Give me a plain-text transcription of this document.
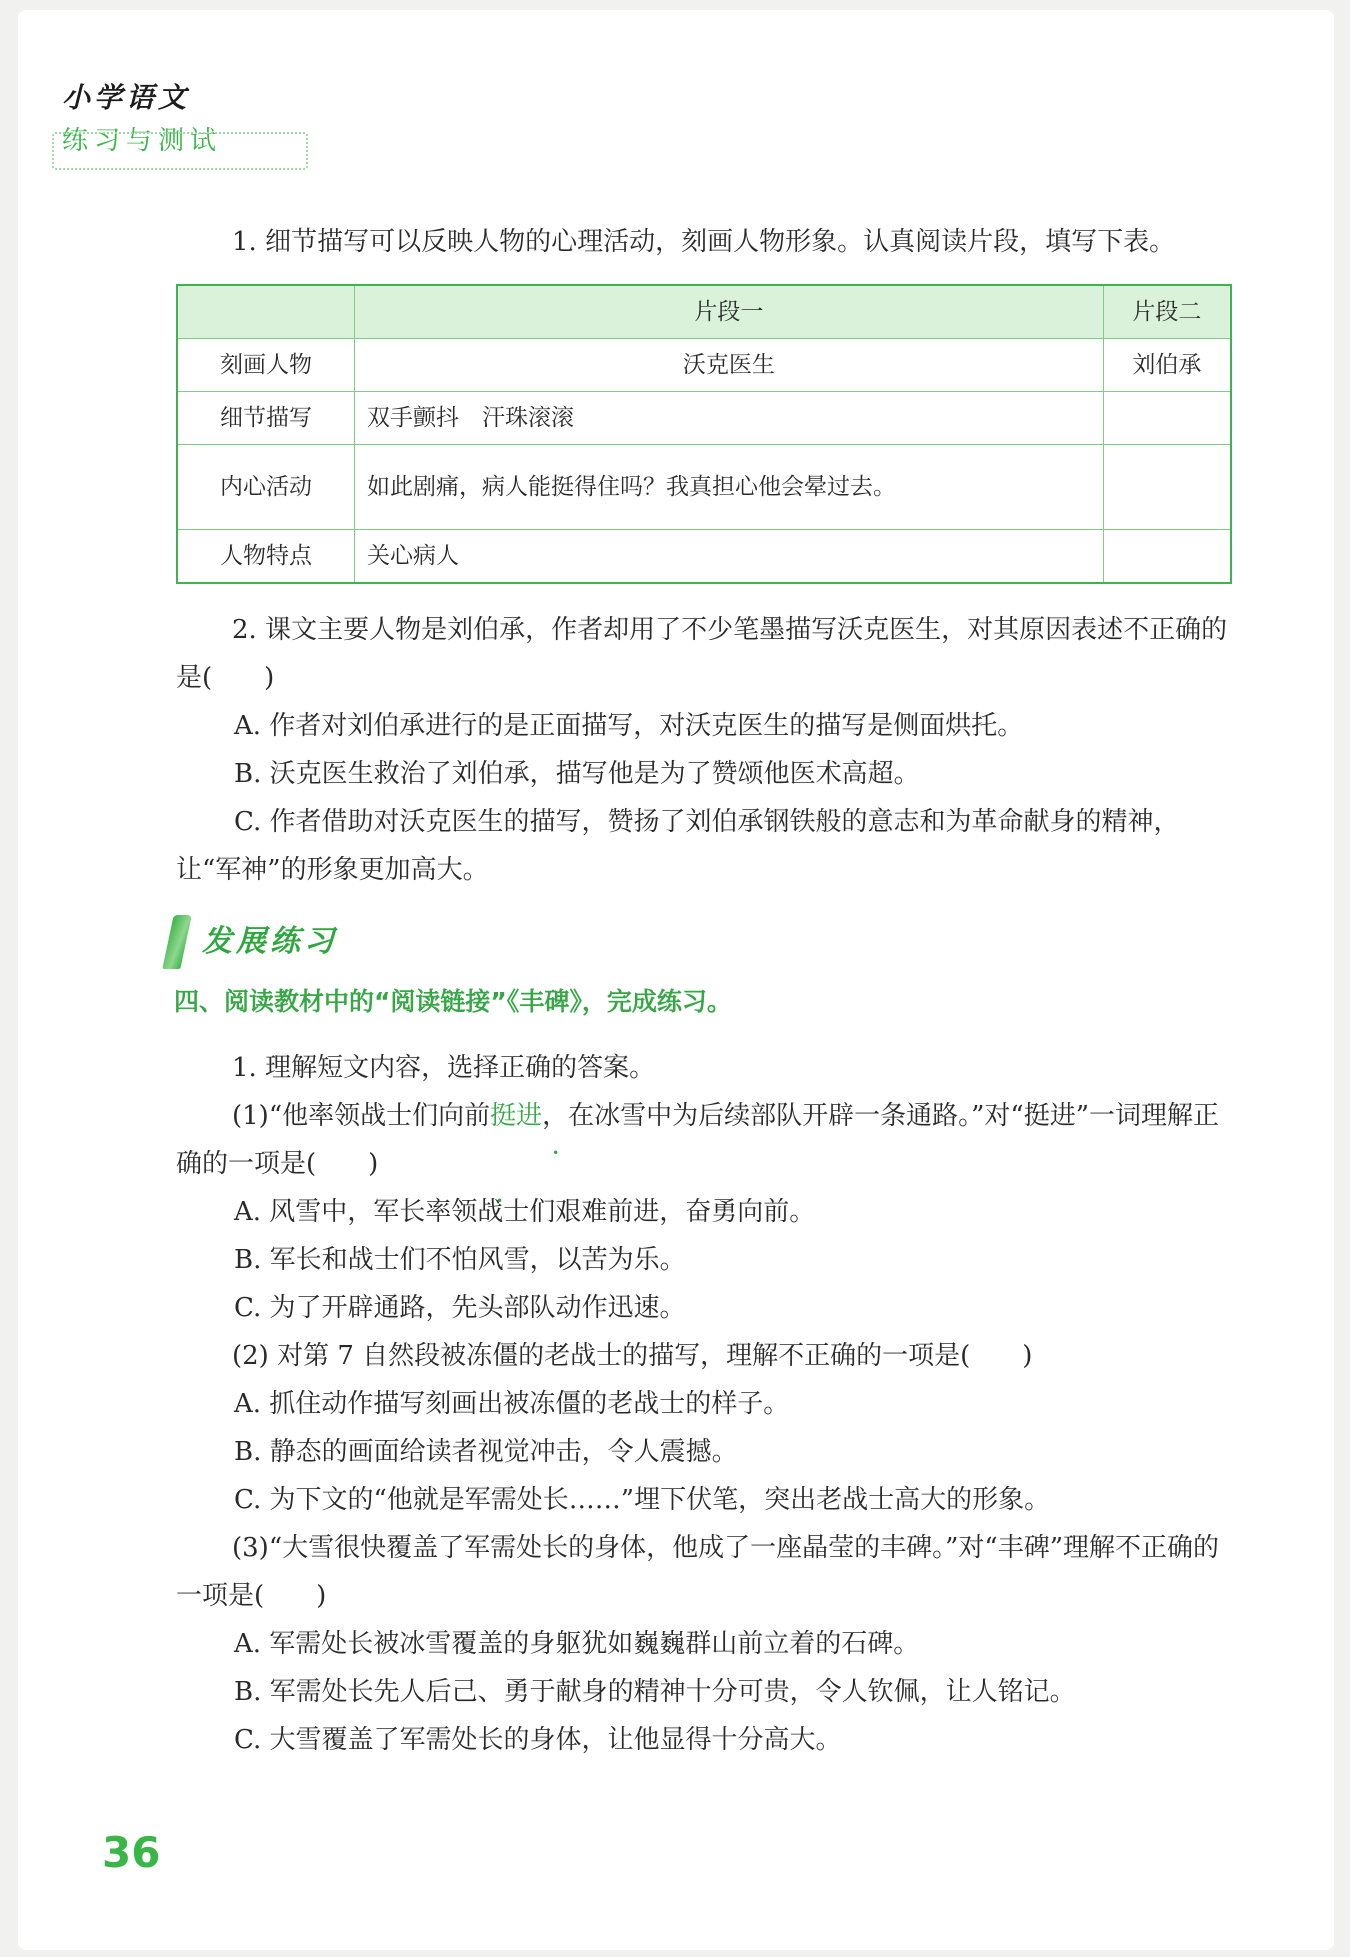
小学语文
练习与测试

1. 细节描写可以反映人物的心理活动，刻画人物形象。认真阅读片段，填写下表。

	片段一	片段二
刻画人物	沃克医生	刘伯承
细节描写	双手颤抖　汗珠滚滚	
内心活动	如此剧痛，病人能挺得住吗？我真担心他会晕过去。	
人物特点	关心病人	

2. 课文主要人物是刘伯承，作者却用了不少笔墨描写沃克医生，对其原因表述不正确的是(　　)

A. 作者对刘伯承进行的是正面描写，对沃克医生的描写是侧面烘托。

B. 沃克医生救治了刘伯承，描写他是为了赞颂他医术高超。

C. 作者借助对沃克医生的描写，赞扬了刘伯承钢铁般的意志和为革命献身的精神，让“军神”的形象更加高大。

发展练习
四、阅读教材中的“阅读链接”《丰碑》，完成练习。

1. 理解短文内容，选择正确的答案。

(1)“他率领战士们向前挺进 • •，在冰雪中为后续部队开辟一条通路。”对“挺进”一词理解正确的一项是(　　)

A. 风雪中，军长率领战士们艰难前进，奋勇向前。

B. 军长和战士们不怕风雪，以苦为乐。

C. 为了开辟通路，先头部队动作迅速。

(2) 对第 7 自然段被冻僵的老战士的描写，理解不正确的一项是(　　)

A. 抓住动作描写刻画出被冻僵的老战士的样子。

B. 静态的画面给读者视觉冲击，令人震撼。

C. 为下文的“他就是军需处长……”埋下伏笔，突出老战士高大的形象。

(3)“大雪很快覆盖了军需处长的身体，他成了一座晶莹的丰碑。”对“丰碑”理解不正确的一项是(　　)

A. 军需处长被冰雪覆盖的身躯犹如巍巍群山前立着的石碑。

B. 军需处长先人后己、勇于献身的精神十分可贵，令人钦佩，让人铭记。

C. 大雪覆盖了军需处长的身体，让他显得十分高大。

36
